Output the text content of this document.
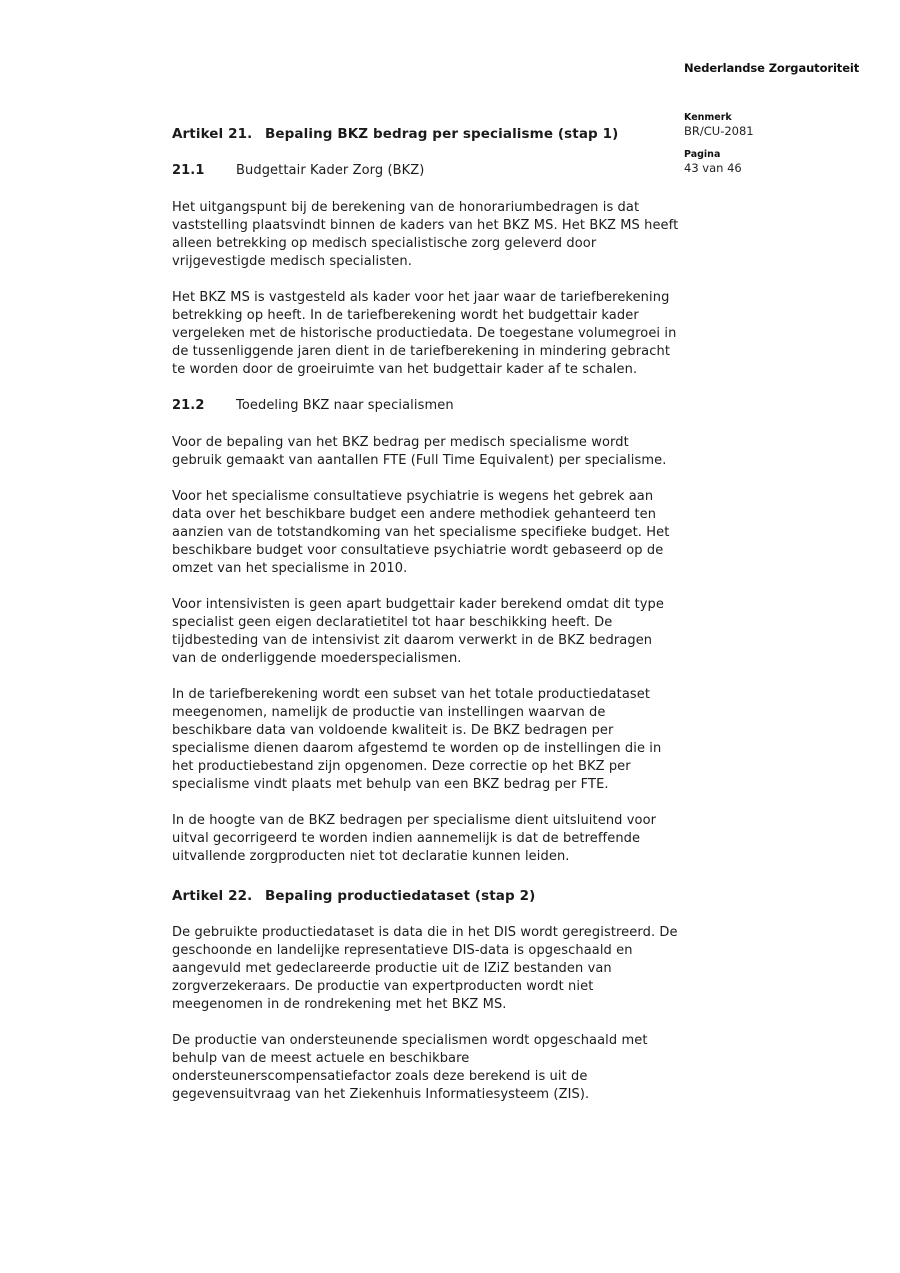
Nederlandse Zorgautoriteit
Kenmerk
BR/CU-2081
Pagina
43 van 46
Artikel 21. Bepaling BKZ bedrag per specialisme (stap 1)
21.1	Budgettair Kader Zorg (BKZ)

Het uitgangspunt bij de berekening van de honorariumbedragen is dat vaststelling plaatsvindt binnen de kaders van het BKZ MS. Het BKZ MS heeft alleen betrekking op medisch specialistische zorg geleverd door vrijgevestigde medisch specialisten.

Het BKZ MS is vastgesteld als kader voor het jaar waar de tariefberekening betrekking op heeft. In de tariefberekening wordt het budgettair kader vergeleken met de historische productiedata. De toegestane volumegroei in de tussenliggende jaren dient in de tariefberekening in mindering gebracht te worden door de groeiruimte van het budgettair kader af te schalen.

21.2	Toedeling BKZ naar specialismen

Voor de bepaling van het BKZ bedrag per medisch specialisme wordt gebruik gemaakt van aantallen FTE (Full Time Equivalent) per specialisme.

Voor het specialisme consultatieve psychiatrie is wegens het gebrek aan data over het beschikbare budget een andere methodiek gehanteerd ten aanzien van de totstandkoming van het specialisme specifieke budget. Het beschikbare budget voor consultatieve psychiatrie wordt gebaseerd op de omzet van het specialisme in 2010.

Voor intensivisten is geen apart budgettair kader berekend omdat dit type specialist geen eigen declaratietitel tot haar beschikking heeft. De tijdbesteding van de intensivist zit daarom verwerkt in de BKZ bedragen van de onderliggende moederspecialismen.

In de tariefberekening wordt een subset van het totale productiedataset meegenomen, namelijk de productie van instellingen waarvan de beschikbare data van voldoende kwaliteit is. De BKZ bedragen per specialisme dienen daarom afgestemd te worden op de instellingen die in het productiebestand zijn opgenomen. Deze correctie op het BKZ per specialisme vindt plaats met behulp van een BKZ bedrag per FTE.

In de hoogte van de BKZ bedragen per specialisme dient uitsluitend voor uitval gecorrigeerd te worden indien aannemelijk is dat de betreffende uitvallende zorgproducten niet tot declaratie kunnen leiden.

Artikel 22. Bepaling productiedataset (stap 2)

De gebruikte productiedataset is data die in het DIS wordt geregistreerd. De geschoonde en landelijke representatieve DIS-data is opgeschaald en aangevuld met gedeclareerde productie uit de IZiZ bestanden van zorgverzekeraars. De productie van expertproducten wordt niet meegenomen in de rondrekening met het BKZ MS.

De productie van ondersteunende specialismen wordt opgeschaald met behulp van de meest actuele en beschikbare ondersteunerscompensatiefactor zoals deze berekend is uit de gegevensuitvraag van het Ziekenhuis Informatiesysteem (ZIS).
